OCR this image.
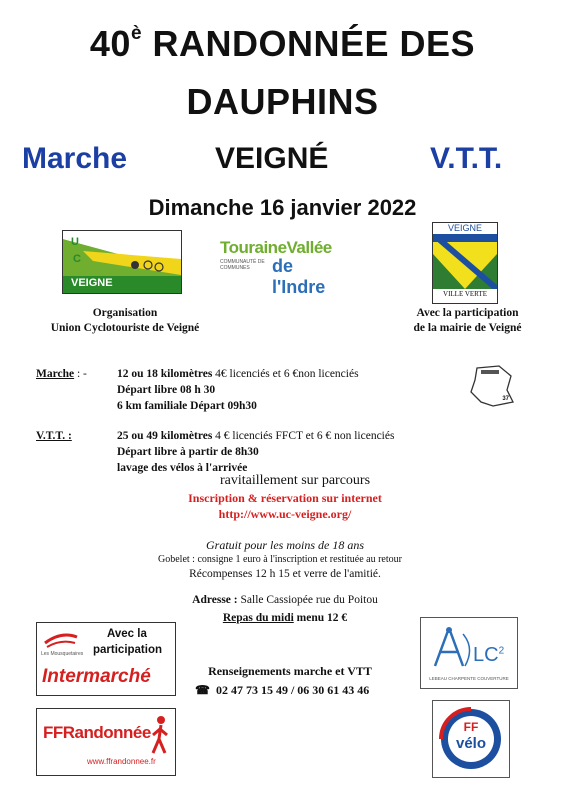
$40^è$ RANDONNÉE DES
DAUPHINS
Marche	VEIGNÉ	V.T.T.
Dimanche 16 janvier 2022
U
C
VEIGNE
TouraineVallée
COMMUNAUTÉ DE COMMUNES	de l'Indre
VEIGNE
VILLE VERTE
Organisation
Union Cyclotouriste de Veigné
Avec la participation
de la mairie de Veigné
Marche : -	12 ou 18 kilomètres 4€ licenciés et 6 €non licenciés
Départ libre 08 h 30
6 km familiale Départ 09h30
37
V.T.T. :	25 ou 49 kilomètres 4 € licenciés FFCT et 6 € non licenciés
Départ libre à partir de 8h30
lavage des vélos à l'arrivée
ravitaillement sur parcours
Inscription & réservation sur internet
http://www.uc-veigne.org/
Gratuit pour les moins de 18 ans
Gobelet : consigne 1 euro à l'inscription et restituée au retour
Récompenses 12 h 15 et verre de l'amitié.
Adresse : Salle Cassiopée rue du Poitou
Repas du midi menu 12 €
Renseignements marche et VTT
☎ 02 47 73 15 49 / 06 30 61 43 46
Les Mousquetaires
Avec la
participation
Intermarché
FFRandonnée
www.ffrandonnee.fr
$LC^2$
LEBEAU CHARPENTE COUVERTURE
FF
vélo
